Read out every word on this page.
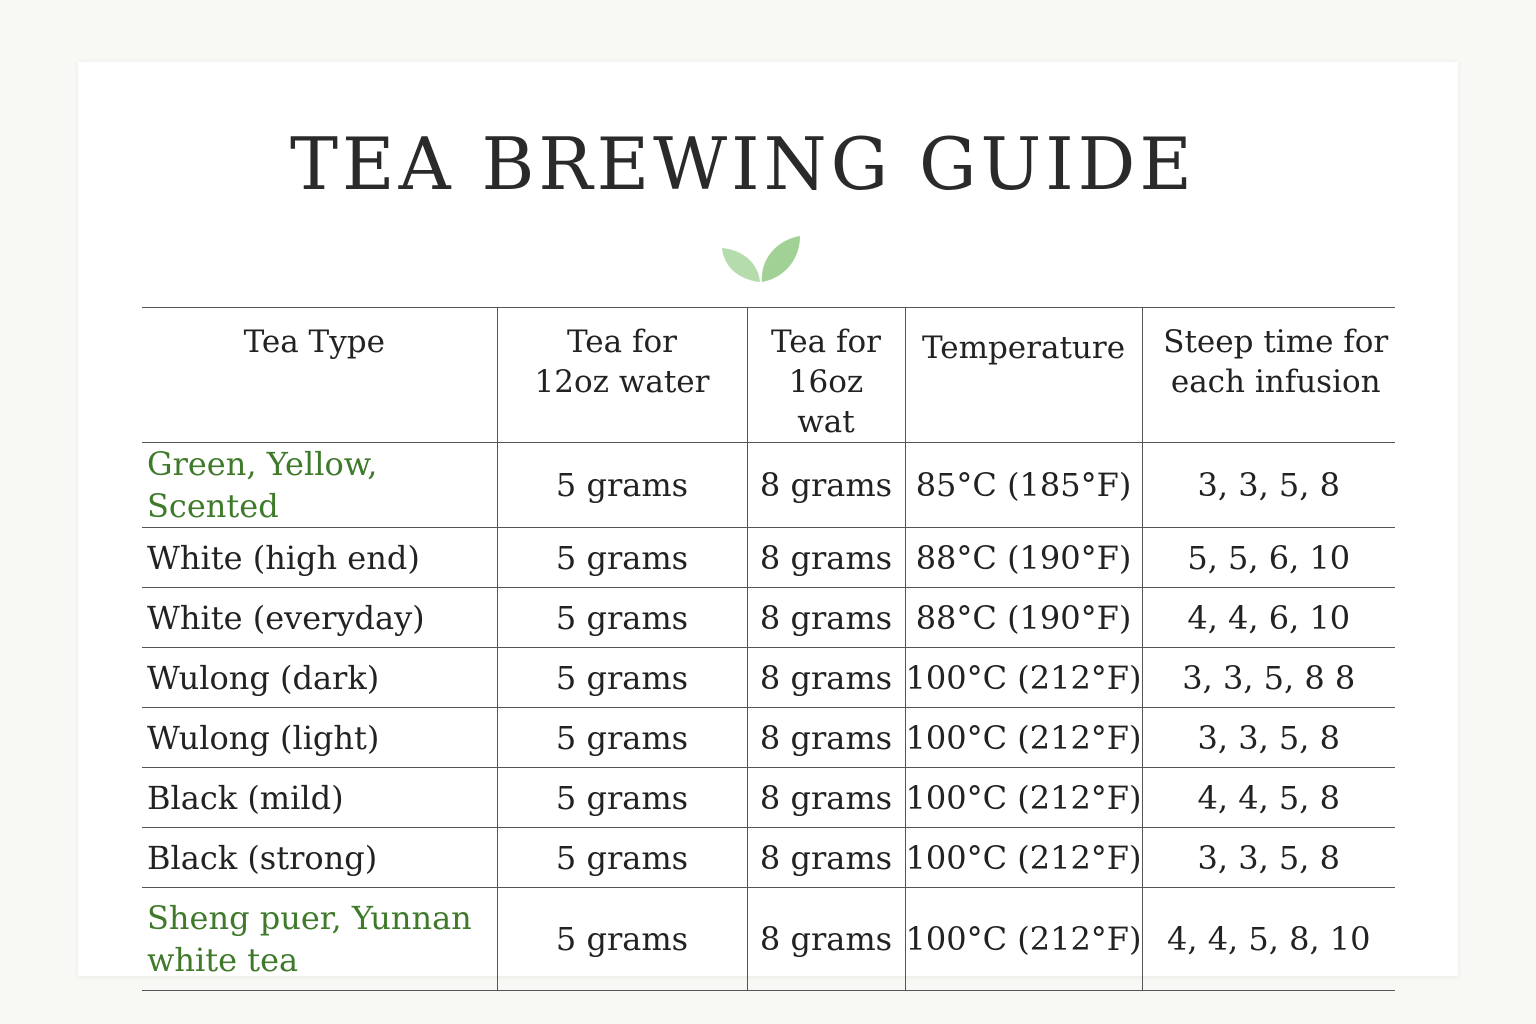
TEA BREWING GUIDE
Tea Type	Tea for 12oz water	Tea for 16oz wat	Temperature	Steep time for each infusion
Green, Yellow, Scented	5 grams	8 grams	85°C (185°F)	3, 3, 5, 8
White (high end)	5 grams	8 grams	88°C (190°F)	5, 5, 6, 10
White (everyday)	5 grams	8 grams	88°C (190°F)	4, 4, 6, 10
Wulong (dark)	5 grams	8 grams	100°C (212°F)	3, 3, 5, 8 8
Wulong (light)	5 grams	8 grams	100°C (212°F)	3, 3, 5, 8
Black (mild)	5 grams	8 grams	100°C (212°F)	4, 4, 5, 8
Black (strong)	5 grams	8 grams	100°C (212°F)	3, 3, 5, 8
Sheng puer, Yunnan white tea	5 grams	8 grams	100°C (212°F)	4, 4, 5, 8, 10
